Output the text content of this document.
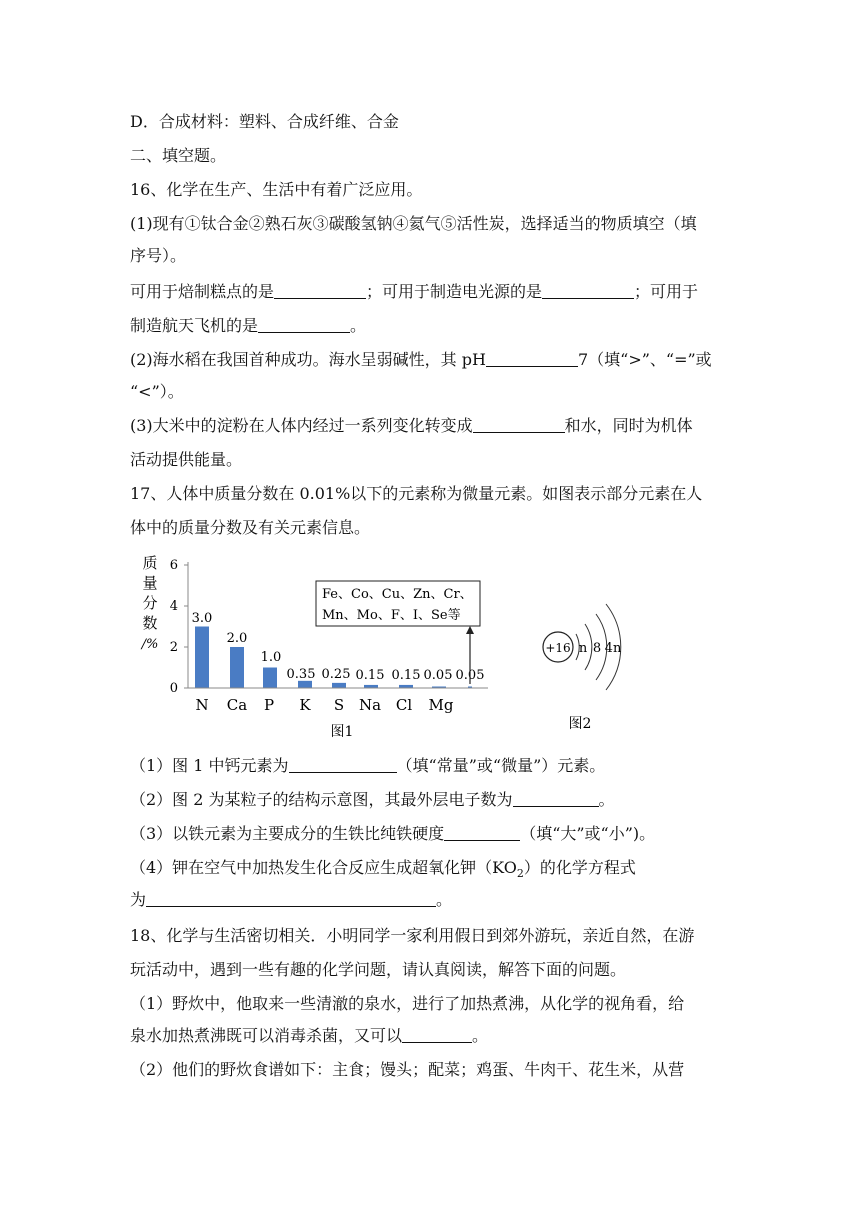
D．合成材料：塑料、合成纤维、合金
二、填空题。
16、化学在生产、生活中有着广泛应用。
(1)现有①钛合金②熟石灰③碳酸氢钠④氦气⑤活性炭，选择适当的物质填空（填
序号）。
可用于焙制糕点的是	；可用于制造电光源的是	；可用于
制造航天飞机的是	。
(2)海水稻在我国首种成功。海水呈弱碱性，其 pH	7（填“>”、“=”或
“<”）。
(3)大米中的淀粉在人体内经过一系列变化转变成	和水，同时为机体
活动提供能量。
17、人体中质量分数在 0.01%以下的元素称为微量元素。如图表示部分元素在人
体中的质量分数及有关元素信息。
质
量
分
数
/%
0
2
4
6
N Ca P K S Na Cl Mg
3.0
2.0
1.0
0.35 0.25 0.15 0.15 0.05 0.05
Fe、Co、Cu、Zn、Cr、
Mn、Mo、F、I、Se等
图1
+16 n 8 4n
图2
（1）图 1 中钙元素为	（填“常量”或“微量”）元素。
（2）图 2 为某粒子的结构示意图，其最外层电子数为	。
（3）以铁元素为主要成分的生铁比纯铁硬度	（填“大”或“小”)。
（4）钾在空气中加热发生化合反应生成超氧化钾$(KO_2)$的化学方程式
为	。
18、化学与生活密切相关．小明同学一家利用假日到郊外游玩，亲近自然，在游
玩活动中，遇到一些有趣的化学问题，请认真阅读，解答下面的问题。
（1）野炊中，他取来一些清澈的泉水，进行了加热煮沸，从化学的视角看，给
泉水加热煮沸既可以消毒杀菌，又可以	。
（2）他们的野炊食谱如下：主食；馒头；配菜；鸡蛋、牛肉干、花生米，从营
